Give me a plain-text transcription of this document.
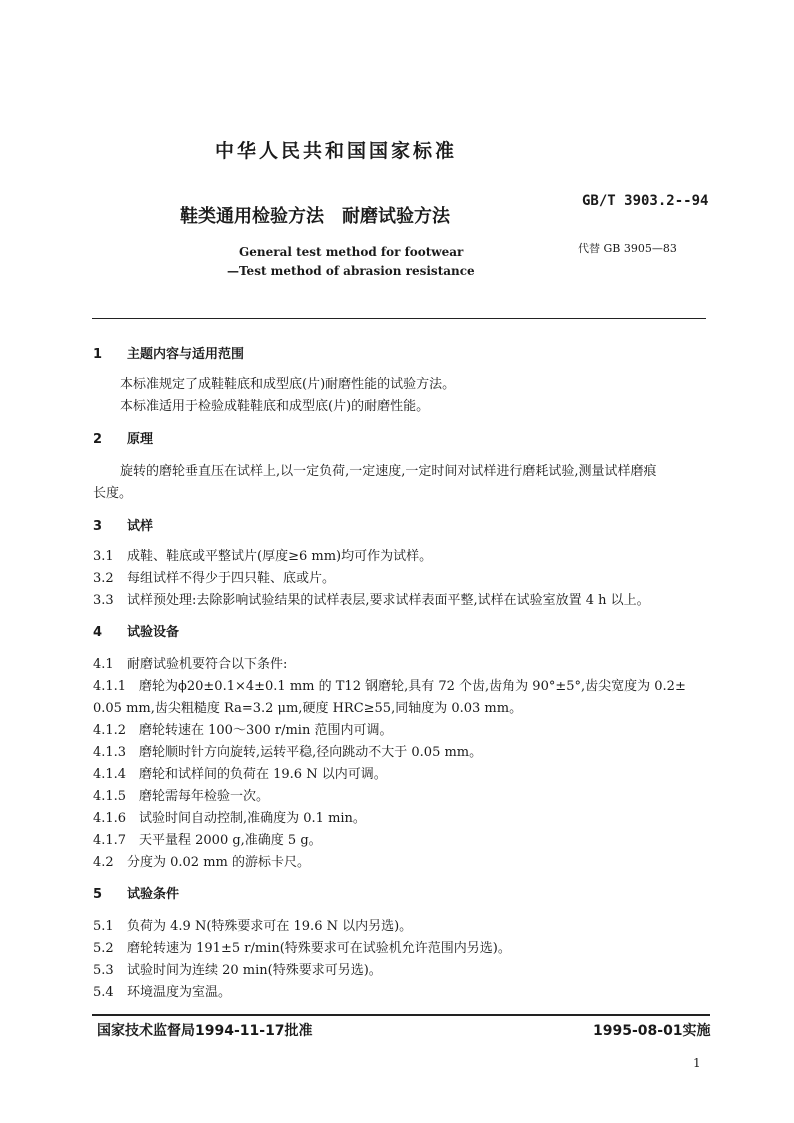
中华人民共和国国家标准
鞋类通用检验方法　耐磨试验方法
GB/T 3903.2--94
代替 GB 3905—83
General test method for footwear
—Test method of abrasion resistance
1 主题内容与适用范围
本标准规定了成鞋鞋底和成型底(片)耐磨性能的试验方法。
本标准适用于检验成鞋鞋底和成型底(片)的耐磨性能。
2 原理
旋转的磨轮垂直压在试样上,以一定负荷,一定速度,一定时间对试样进行磨耗试验,测量试样磨痕
长度。
3 试样
3.1 成鞋、鞋底或平整试片(厚度≥6 mm)均可作为试样。
3.2 每组试样不得少于四只鞋、底或片。
3.3 试样预处理:去除影响试验结果的试样表层,要求试样表面平整,试样在试验室放置 4 h 以上。
4 试验设备
4.1 耐磨试验机要符合以下条件:
4.1.1 磨轮为ϕ20±0.1×4±0.1 mm 的 T12 钢磨轮,具有 72 个齿,齿角为 90°±5°,齿尖宽度为 0.2±
0.05 mm,齿尖粗糙度 Ra=3.2 μm,硬度 HRC≥55,同轴度为 0.03 mm。
4.1.2 磨轮转速在 100～300 r/min 范围内可调。
4.1.3 磨轮顺时针方向旋转,运转平稳,径向跳动不大于 0.05 mm。
4.1.4 磨轮和试样间的负荷在 19.6 N 以内可调。
4.1.5 磨轮需每年检验一次。
4.1.6 试验时间自动控制,准确度为 0.1 min。
4.1.7 天平量程 2000 g,准确度 5 g。
4.2 分度为 0.02 mm 的游标卡尺。
5 试验条件
5.1 负荷为 4.9 N(特殊要求可在 19.6 N 以内另选)。
5.2 磨轮转速为 191±5 r/min(特殊要求可在试验机允许范围内另选)。
5.3 试验时间为连续 20 min(特殊要求可另选)。
5.4 环境温度为室温。
国家技术监督局1994-11-17批准	1995-08-01实施
1
